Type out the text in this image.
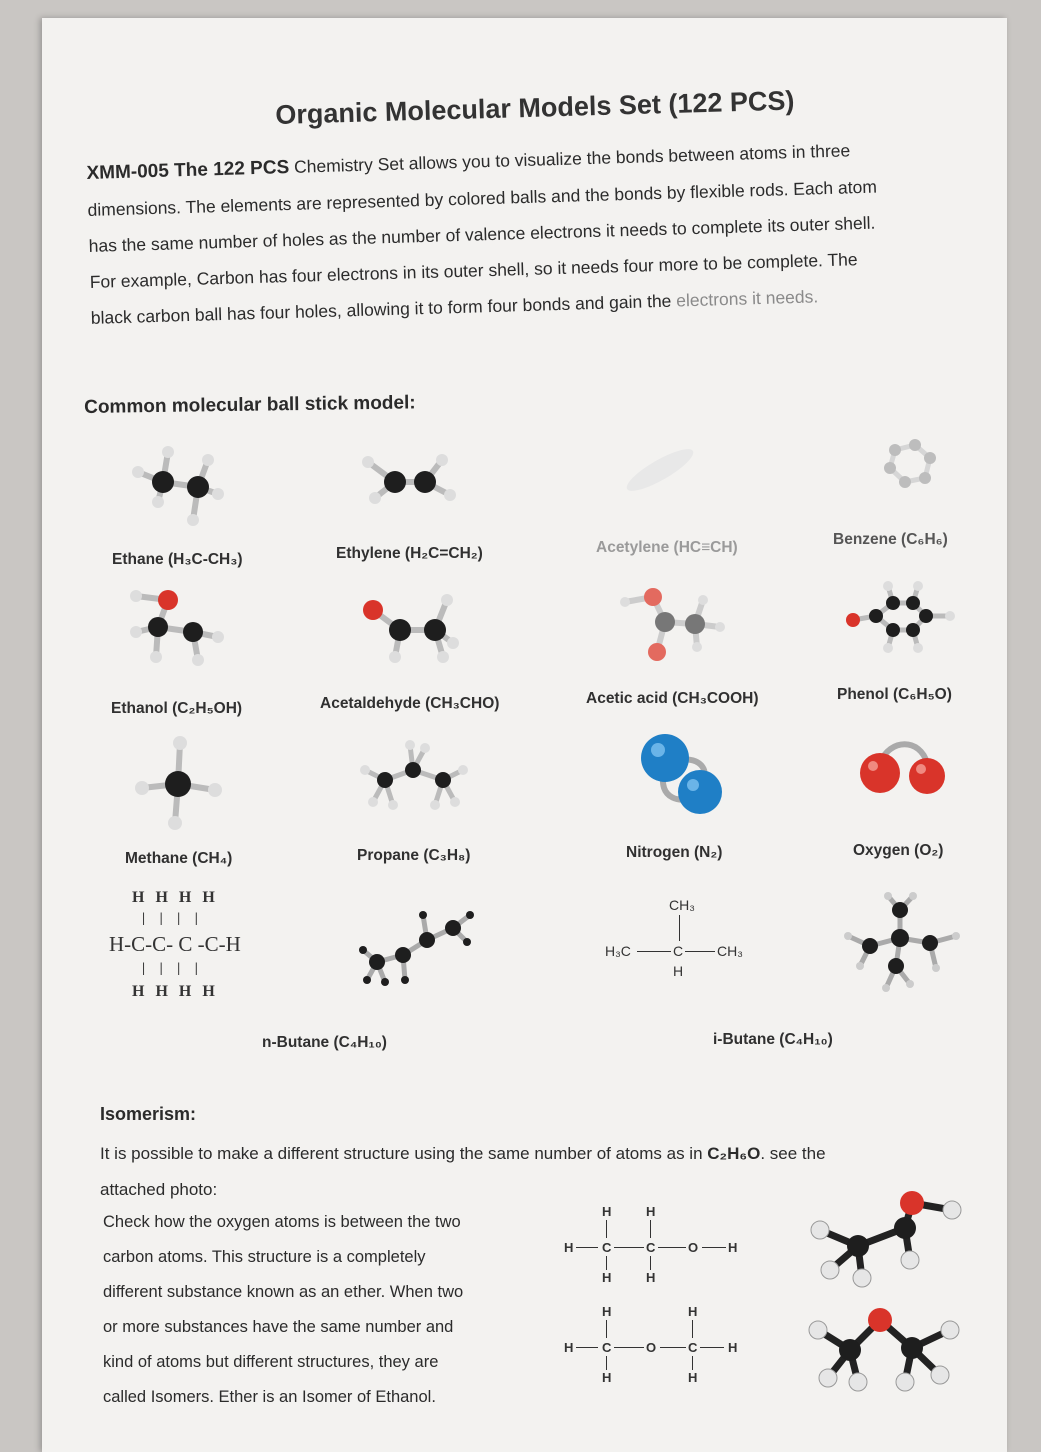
Organic Molecular Models Set (122 PCS)

XMM-005 The 122 PCS Chemistry Set allows you to visualize the bonds between atoms in three

dimensions. The elements are represented by colored balls and the bonds by flexible rods. Each atom

has the same number of holes as the number of valence electrons it needs to complete its outer shell.

For example, Carbon has four electrons in its outer shell, so it needs four more to be complete. The

black carbon ball has four holes, allowing it to form four bonds and gain the electrons it needs.

Common molecular ball stick model:
Ethane (H₃C-CH₃)	Ethylene (H₂C=CH₂)	Acetylene (HC≡CH)	Benzene (C₆H₆)
Ethanol (C₂H₅OH)	Acetaldehyde (CH₃CHO)	Acetic acid (CH₃COOH)	Phenol (C₆H₅O)
Methane (CH₄)	Propane (C₃H₈)	Nitrogen (N₂)	Oxygen (O₂)
H  H  H  H
|   |   |   |
H-C-C- C -C-H
|   |   |   |
H  H  H  H
CH₃
H₃C	C CH₃
H
n-Butane (C₄H₁₀)	i-Butane (C₄H₁₀)
Isomerism:

It is possible to make a different structure using the same number of atoms as in C₂H₆O. see the

attached photo:

Check how the oxygen atoms is between the two

carbon atoms. This structure is a completely

different substance known as an ether. When two

or more substances have the same number and

kind of atoms but different structures, they are

called Isomers. Ether is an Isomer of Ethanol.

H	H
H C	C	O H
H	H
H	H
H C	O C H
H	H
